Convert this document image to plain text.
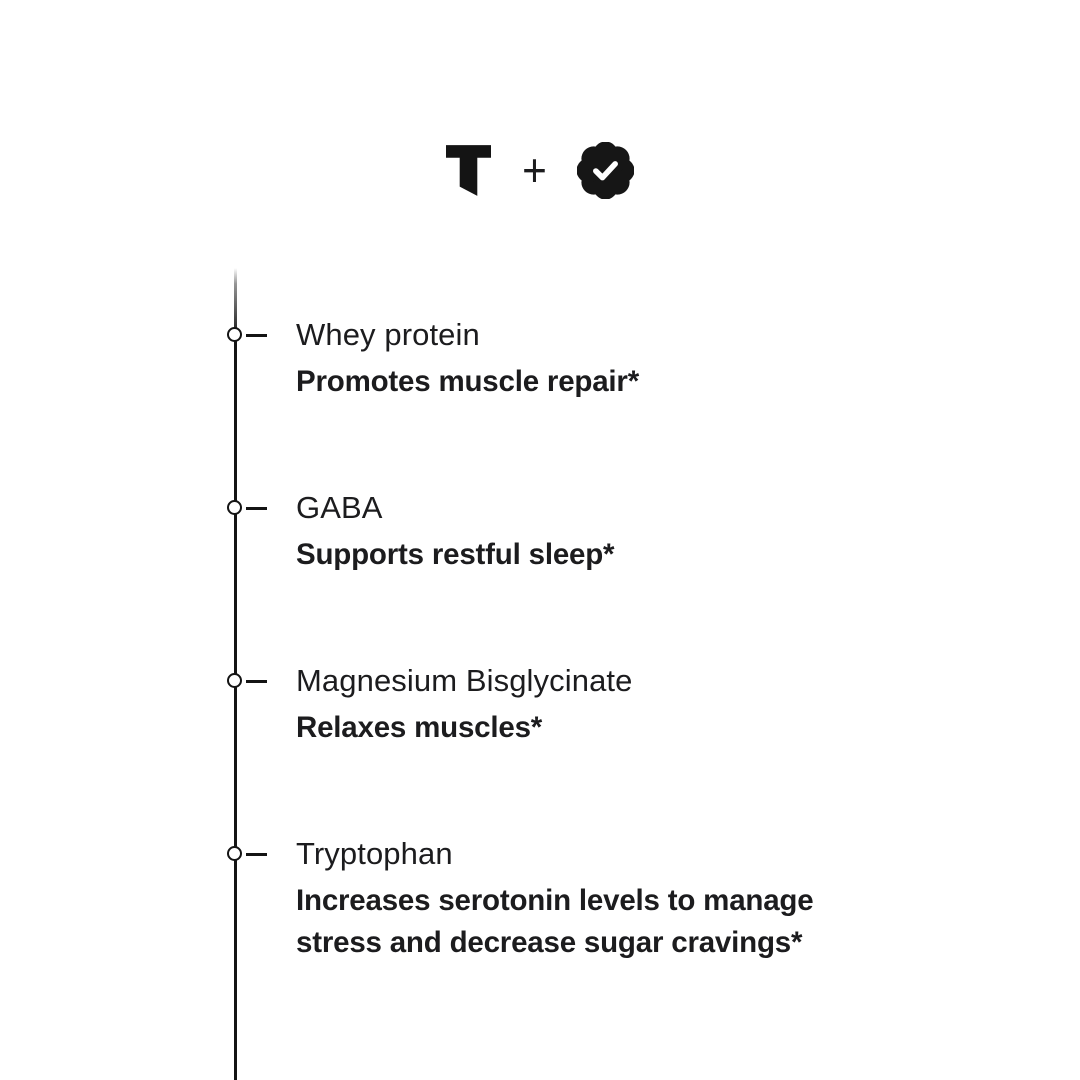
+
Whey protein
Promotes muscle repair*
GABA
Supports restful sleep*
Magnesium Bisglycinate
Relaxes muscles*
Tryptophan
Increases serotonin levels to manage
stress and decrease sugar cravings*
